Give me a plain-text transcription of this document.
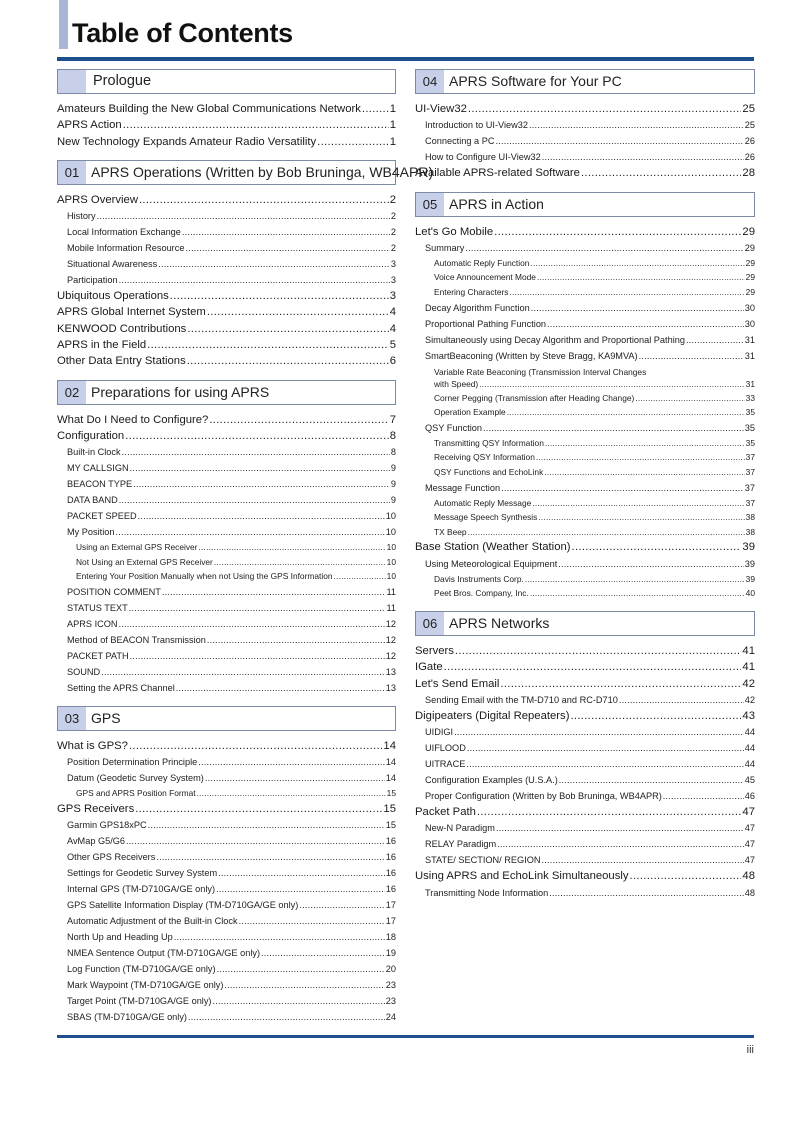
Table of Contents
Prologue
Amateurs Building the New Global Communications Network .....	1
APRS Action .....	1
New Technology Expands Amateur Radio Versatility .....	1
01 APRS Operations (Written by Bob Bruninga, WB4APR)
APRS Overview .....	2
History .....	2
Local Information Exchange .....	2
Mobile Information Resource .....	2
Situational Awareness .....	3
Participation .....	3
Ubiquitous Operations .....	3
APRS Global Internet System .....	4
KENWOOD Contributions .....	4
APRS in the Field .....	5
Other Data Entry Stations .....	6
02 Preparations for using APRS
What Do I Need to Configure? .....	7
Configuration .....	8
Built-in Clock .....	8
MY CALLSIGN .....	9
BEACON TYPE .....	9
DATA BAND .....	9
PACKET SPEED .....	10
My Position .....	10
Using an External GPS Receiver .....	10
Not Using an External GPS Receiver .....	10
Entering Your Position Manually when not Using the GPS Information .....	10
POSITION COMMENT .....	11
STATUS TEXT .....	11
APRS ICON .....	12
Method of BEACON Transmission .....	12
PACKET PATH .....	12
SOUND .....	13
Setting the APRS Channel .....	13
03 GPS
What is GPS? .....	14
Position Determination Principle .....	14
Datum (Geodetic Survey System) .....	14
GPS and APRS Position Format .....	15
GPS Receivers .....	15
Garmin GPS18xPC .....	15
AvMap G5/G6 .....	16
Other GPS Receivers .....	16
Settings for Geodetic Survey System .....	16
Internal GPS (TM-D710GA/GE only) .....	16
GPS Satellite Information Display (TM-D710GA/GE only) .....	17
Automatic Adjustment of the Built-in Clock .....	17
North Up and Heading Up .....	18
NMEA Sentence Output (TM-D710GA/GE only) .....	19
Log Function (TM-D710GA/GE only) .....	20
Mark Waypoint (TM-D710GA/GE only) .....	23
Target Point (TM-D710GA/GE only) .....	23
SBAS (TM-D710GA/GE only) .....	24
04 APRS Software for Your PC
UI-View32 .....	25
Introduction to UI-View32 .....	25
Connecting a PC .....	26
How to Configure UI-View32 .....	26
Available APRS-related Software .....	28
05 APRS in Action
Let's Go Mobile .....	29
Summary .....	29
Automatic Reply Function .....	29
Voice Announcement Mode .....	29
Entering Characters .....	29
Decay Algorithm Function .....	30
Proportional Pathing Function .....	30
Simultaneously using Decay Algorithm and Proportional Pathing .....	31
SmartBeaconing (Written by Steve Bragg, KA9MVA) .....	31
Variable Rate Beaconing (Transmission Interval Changes
with Speed) .....	31
Corner Pegging (Transmission after Heading Change) .....	33
Operation Example .....	35
QSY Function .....	35
Transmitting QSY Information .....	35
Receiving QSY Information .....	37
QSY Functions and EchoLink .....	37
Message Function .....	37
Automatic Reply Message .....	37
Message Speech Synthesis .....	38
TX Beep .....	38
Base Station (Weather Station) .....	39
Using Meteorological Equipment .....	39
Davis Instruments Corp. .....	39
Peet Bros. Company, Inc. .....	40
06 APRS Networks
Servers .....	41
IGate .....	41
Let's Send Email .....	42
Sending Email with the TM-D710 and RC-D710 .....	42
Digipeaters (Digital Repeaters) .....	43
UIDIGI .....	44
UIFLOOD .....	44
UITRACE .....	44
Configuration Examples (U.S.A.) .....	45
Proper Configuration (Written by Bob Bruninga, WB4APR) .....	46
Packet Path .....	47
New-N Paradigm .....	47
RELAY Paradigm .....	47
STATE/ SECTION/ REGION .....	47
Using APRS and EchoLink Simultaneously .....	48
Transmitting Node Information .....	48
iii
